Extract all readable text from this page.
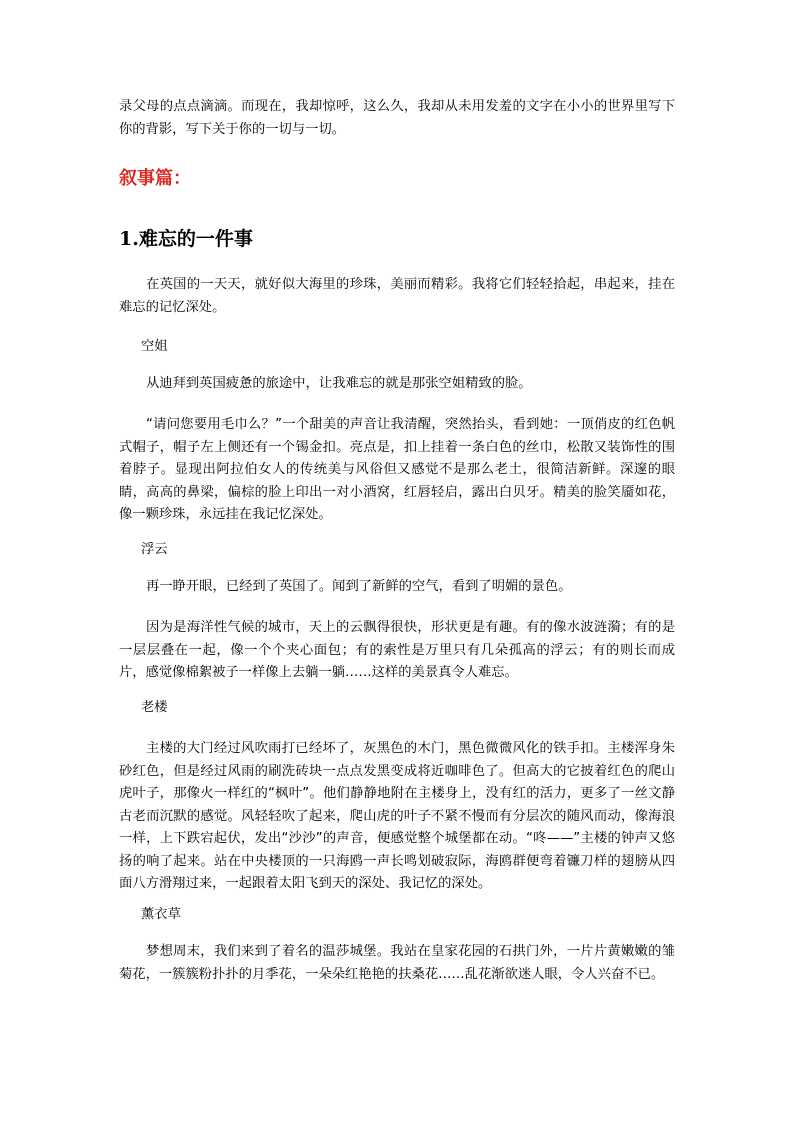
录父母的点点滴滴。而现在，我却惊呼，这么久，我却从未用发羞的文字在小小的世界里写下你的背影，写下关于你的一切与一切。

叙事篇：
1.难忘的一件事

在英国的一天天，就好似大海里的珍珠，美丽而精彩。我将它们轻轻拾起，串起来，挂在难忘的记忆深处。

空姐

从迪拜到英国疲惫的旅途中，让我难忘的就是那张空姐精致的脸。

“请问您要用毛巾么？”一个甜美的声音让我清醒，突然抬头，看到她：一顶俏皮的红色帆式帽子，帽子左上侧还有一个锡金扣。亮点是，扣上挂着一条白色的丝巾，松散又装饰性的围着脖子。显现出阿拉伯女人的传统美与风俗但又感觉不是那么老土，很简洁新鲜。深邃的眼睛，高高的鼻梁，偏棕的脸上印出一对小酒窝，红唇轻启，露出白贝牙。精美的脸笑靥如花，像一颗珍珠，永远挂在我记忆深处。

浮云

再一睁开眼，已经到了英国了。闻到了新鲜的空气，看到了明媚的景色。

因为是海洋性气候的城市，天上的云飘得很快，形状更是有趣。有的像水波涟漪；有的是一层层叠在一起，像一个个夹心面包；有的索性是万里只有几朵孤高的浮云；有的则长而成片，感觉像棉絮被子一样像上去躺一躺……这样的美景真令人难忘。

老楼

主楼的大门经过风吹雨打已经坏了，灰黑色的木门，黑色微微风化的铁手扣。主楼浑身朱砂红色，但是经过风雨的刷洗砖块一点点发黑变成将近咖啡色了。但高大的它披着红色的爬山虎叶子，那像火一样红的“枫叶”。他们静静地附在主楼身上，没有红的活力，更多了一丝文静古老而沉默的感觉。风轻轻吹了起来，爬山虎的叶子不紧不慢而有分层次的随风而动，像海浪一样，上下跌宕起伏，发出“沙沙”的声音，便感觉整个城堡都在动。“咚——”主楼的钟声又悠扬的响了起来。站在中央楼顶的一只海鸥一声长鸣划破寂际，海鸥群便弯着镰刀样的翅膀从四面八方滑翔过来，一起跟着太阳飞到天的深处、我记忆的深处。

薰衣草

梦想周末，我们来到了着名的温莎城堡。我站在皇家花园的石拱门外，一片片黄嫩嫩的雏菊花，一簇簇粉扑扑的月季花，一朵朵红艳艳的扶桑花……乱花渐欲迷人眼，令人兴奋不已。
